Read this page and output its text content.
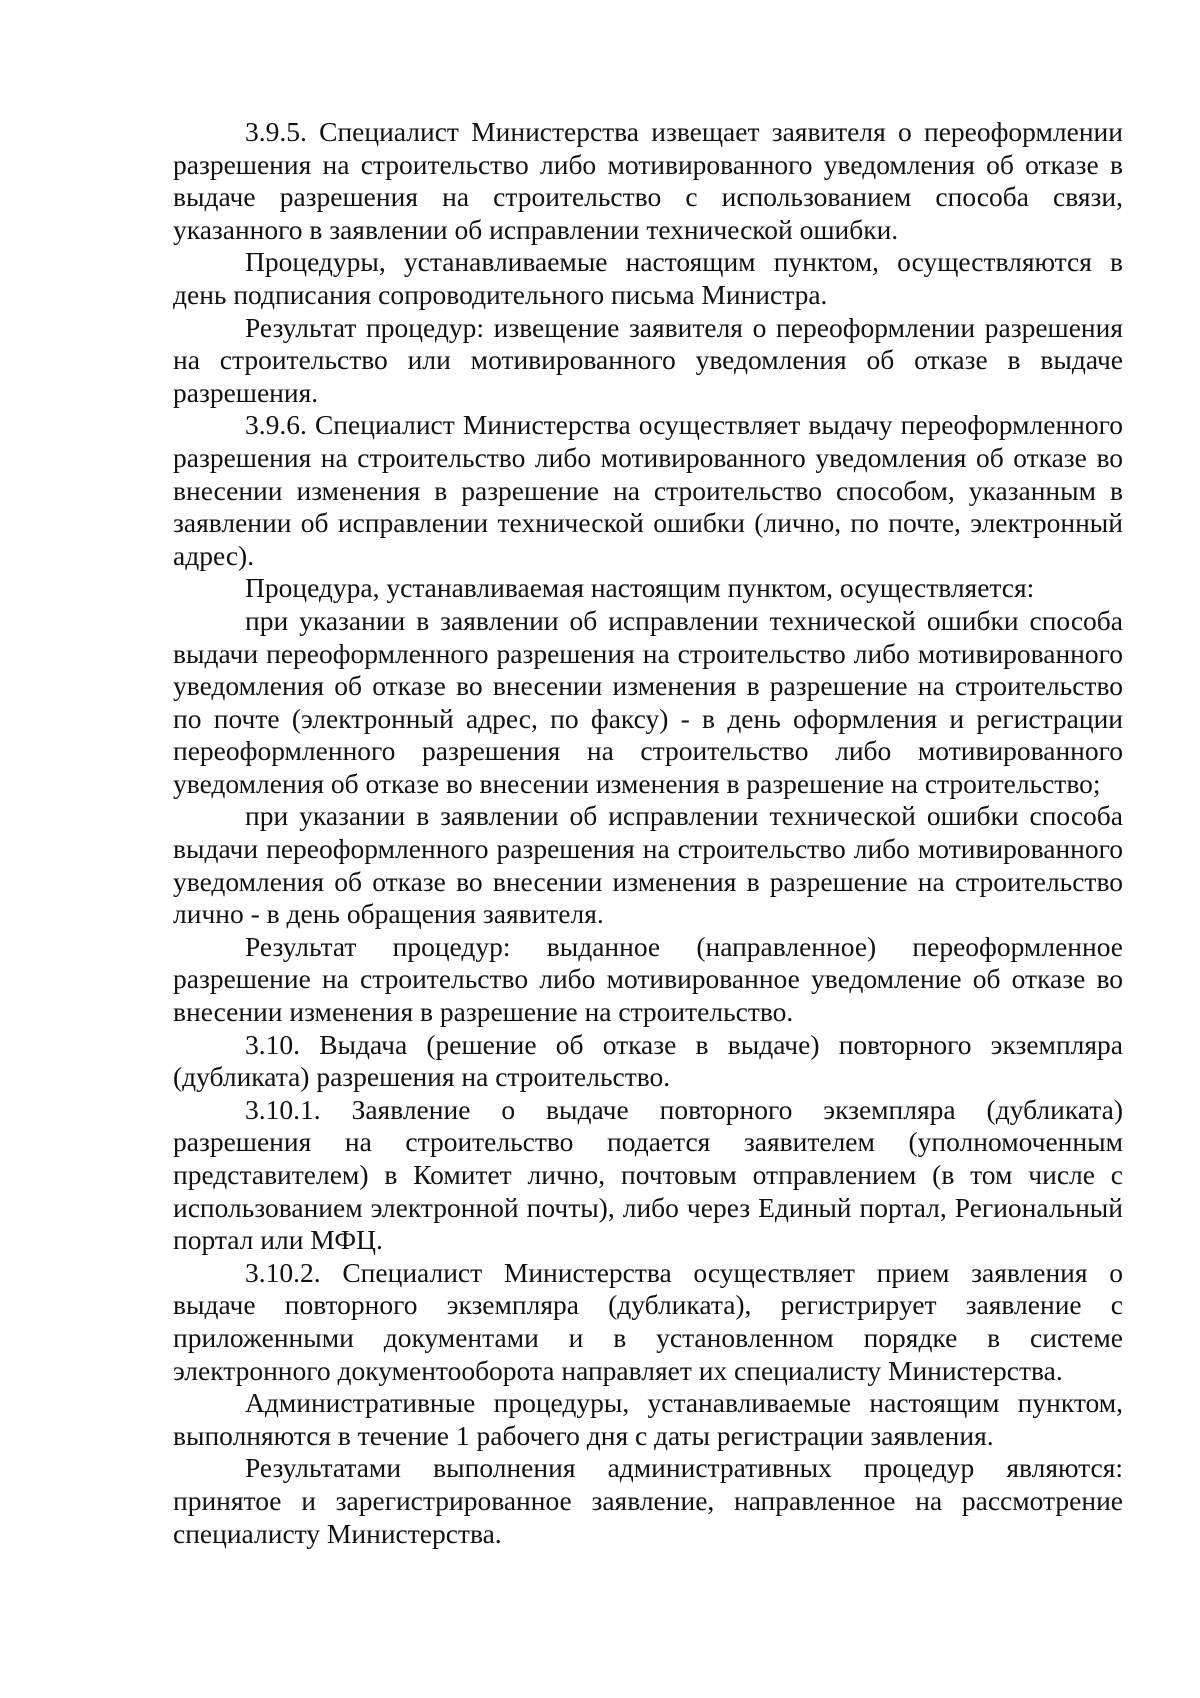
3.9.5. Специалист Министерства извещает заявителя о переоформлении разрешения на строительство либо мотивированного уведомления об отказе в выдаче разрешения на строительство с использованием способа связи, указанного в заявлении об исправлении технической ошибки.

Процедуры, устанавливаемые настоящим пунктом, осуществляются в день подписания сопроводительного письма Министра.

Результат процедур: извещение заявителя о переоформлении разрешения на строительство или мотивированного уведомления об отказе в выдаче разрешения.

3.9.6. Специалист Министерства осуществляет выдачу переоформленного разрешения на строительство либо мотивированного уведомления об отказе во внесении изменения в разрешение на строительство способом, указанным в заявлении об исправлении технической ошибки (лично, по почте, электронный адрес).

Процедура, устанавливаемая настоящим пунктом, осуществляется:

при указании в заявлении об исправлении технической ошибки способа выдачи переоформленного разрешения на строительство либо мотивированного уведомления об отказе во внесении изменения в разрешение на строительство по почте (электронный адрес, по факсу) - в день оформления и регистрации переоформленного разрешения на строительство либо мотивированного уведомления об отказе во внесении изменения в разрешение на строительство;

при указании в заявлении об исправлении технической ошибки способа выдачи переоформленного разрешения на строительство либо мотивированного уведомления об отказе во внесении изменения в разрешение на строительство лично - в день обращения заявителя.

Результат процедур: выданное (направленное) переоформленное разрешение на строительство либо мотивированное уведомление об отказе во внесении изменения в разрешение на строительство.

3.10. Выдача (решение об отказе в выдаче) повторного экземпляра (дубликата) разрешения на строительство.

3.10.1. Заявление о выдаче повторного экземпляра (дубликата) разрешения на строительство подается заявителем (уполномоченным представителем) в Комитет лично, почтовым отправлением (в том числе с использованием электронной почты), либо через Единый портал, Региональный портал или МФЦ.

3.10.2. Специалист Министерства осуществляет прием заявления о выдаче повторного экземпляра (дубликата), регистрирует заявление с приложенными документами и в установленном порядке в системе электронного документооборота направляет их специалисту Министерства.

Административные процедуры, устанавливаемые настоящим пунктом, выполняются в течение 1 рабочего дня с даты регистрации заявления.

Результатами выполнения административных процедур являются: принятое и зарегистрированное заявление, направленное на рассмотрение специалисту Министерства.
